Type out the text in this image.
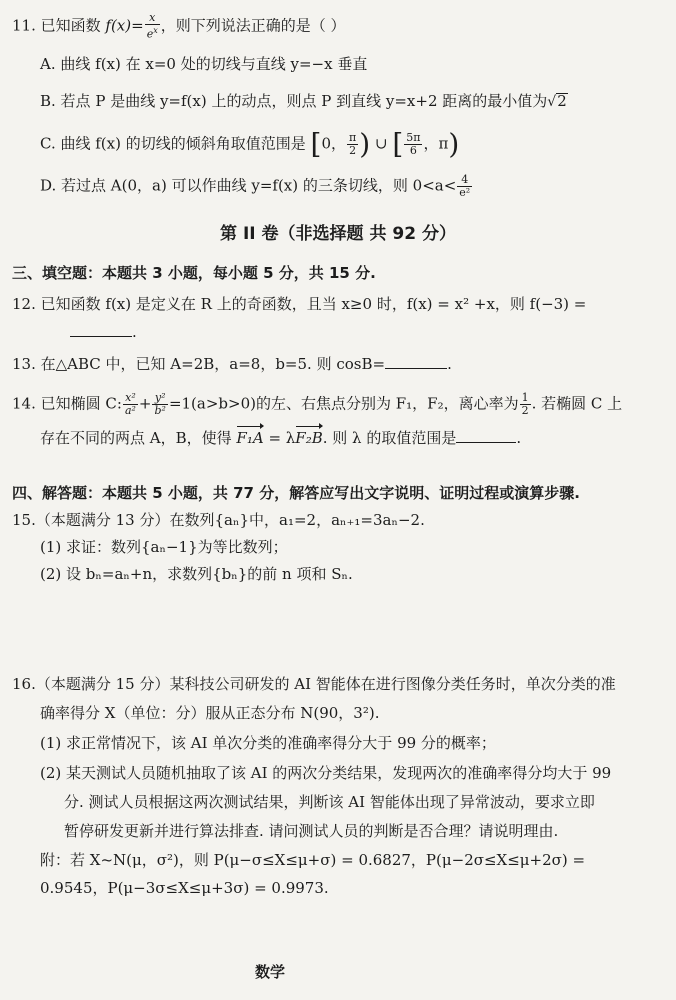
11. 已知函数 $f(x)= \frac{x}{e^x}$ ，则下列说法正确的是（ ）
A. 曲线 f(x) 在 x=0 处的切线与直线 y=−x 垂直
B. 若点 P 是曲线 y=f(x) 上的动点，则点 P 到直线 y=x+2 距离的最小值为√2
C. 曲线 f(x) 的切线的倾斜角取值范围是 [0， $\frac{\pi}{2}$ ) ∪ [ $\frac{5\pi}{6}$ ，π)
D. 若过点 A(0，a) 可以作曲线 y=f(x) 的三条切线，则 $0<a< \frac{4}{\text{e²}}$
第 II 卷（非选择题 共 92 分）
三、填空题：本题共 3 小题，每小题 5 分，共 15 分.
12. 已知函数 f(x) 是定义在 R 上的奇函数，且当 x≥0 时，f(x) = x² +x，则 f(−3) =
.
13. 在△ABC 中，已知 A=2B，a=8，b=5. 则 cosB=	.
14. 已知椭圆 C: $\frac{\text{x²}}{\text{a²}} + \frac{\text{y²}}{\text{b²}} =1(a>b>0)$的左、右焦点分别为 F₁，F₂，离心率为 $\frac{1}{2}$ . 若椭圆 C 上
存在不同的两点 A，B，使得 F₁A = λF₂B. 则 λ 的取值范围是	.
四、解答题：本题共 5 小题，共 77 分，解答应写出文字说明、证明过程或演算步骤.
15.（本题满分 13 分）在数列{aₙ}中，a₁=2，aₙ₊₁=3aₙ−2.
(1) 求证：数列{aₙ−1}为等比数列；
(2) 设 bₙ=aₙ+n，求数列{bₙ}的前 n 项和 Sₙ.
16.（本题满分 15 分）某科技公司研发的 AI 智能体在进行图像分类任务时，单次分类的准
确率得分 X（单位：分）服从正态分布 N(90，3²).
(1) 求正常情况下，该 AI 单次分类的准确率得分大于 99 分的概率；
(2) 某天测试人员随机抽取了该 AI 的两次分类结果，发现两次的准确率得分均大于 99
分. 测试人员根据这两次测试结果，判断该 AI 智能体出现了异常波动，要求立即
暂停研发更新并进行算法排查. 请问测试人员的判断是否合理？请说明理由.
附：若 X~N(μ，σ²)，则 P(μ−σ≤X≤μ+σ) = 0.6827，P(μ−2σ≤X≤μ+2σ) =
0.9545，P(μ−3σ≤X≤μ+3σ) = 0.9973.
数学
